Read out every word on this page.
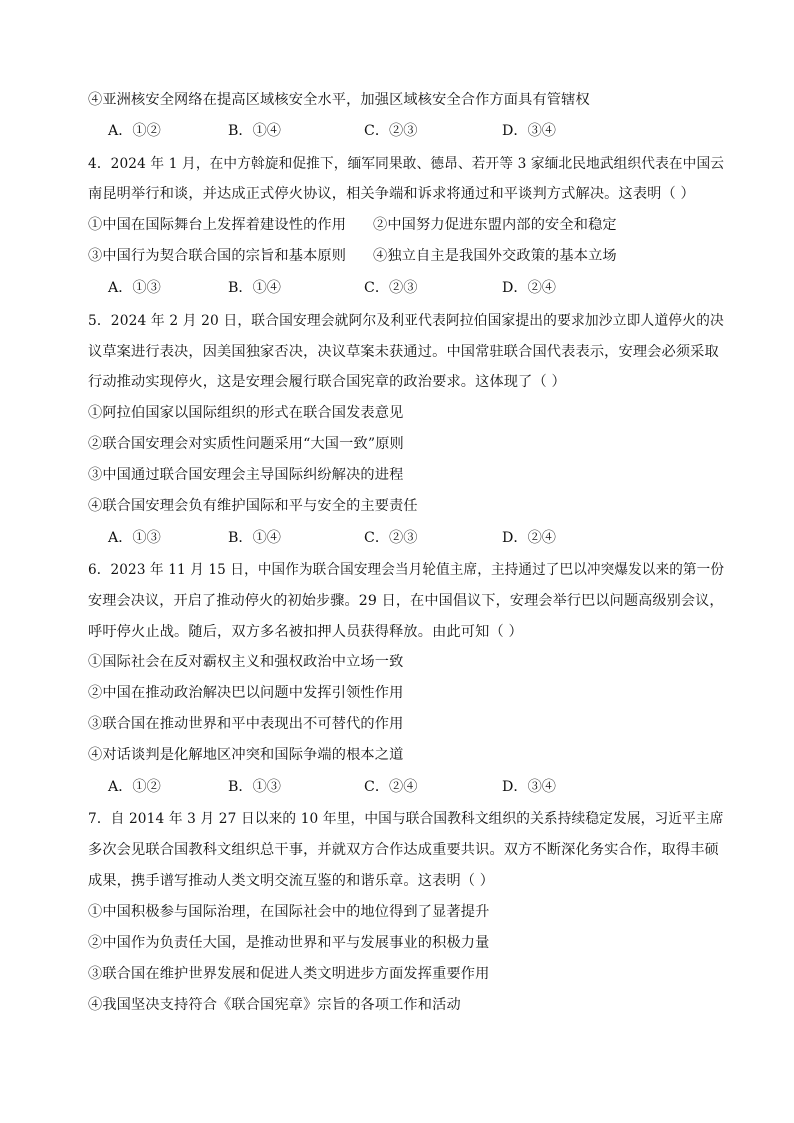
④亚洲核安全网络在提高区域核安全水平，加强区域核安全合作方面具有管辖权
A．①②	B．①④	C．②③	D．③④
4．2024 年 1 月，在中方斡旋和促推下，缅军同果敢、德昂、若开等 3 家缅北民地武组织代表在中国云
南昆明举行和谈，并达成正式停火协议，相关争端和诉求将通过和平谈判方式解决。这表明（ ）
①中国在国际舞台上发挥着建设性的作用 ②中国努力促进东盟内部的安全和稳定
③中国行为契合联合国的宗旨和基本原则 ④独立自主是我国外交政策的基本立场
A．①③	B．①④	C．②③	D．②④
5．2024 年 2 月 20 日，联合国安理会就阿尔及利亚代表阿拉伯国家提出的要求加沙立即人道停火的决
议草案进行表决，因美国独家否决，决议草案未获通过。中国常驻联合国代表表示，安理会必须采取
行动推动实现停火，这是安理会履行联合国宪章的政治要求。这体现了（ ）
①阿拉伯国家以国际组织的形式在联合国发表意见
②联合国安理会对实质性问题采用“大国一致”原则
③中国通过联合国安理会主导国际纠纷解决的进程
④联合国安理会负有维护国际和平与安全的主要责任
A．①③	B．①④	C．②③	D．②④
6．2023 年 11 月 15 日，中国作为联合国安理会当月轮值主席，主持通过了巴以冲突爆发以来的第一份
安理会决议，开启了推动停火的初始步骤。29 日，在中国倡议下，安理会举行巴以问题高级别会议，
呼吁停火止战。随后，双方多名被扣押人员获得释放。由此可知（ ）
①国际社会在反对霸权主义和强权政治中立场一致
②中国在推动政治解决巴以问题中发挥引领性作用
③联合国在推动世界和平中表现出不可替代的作用
④对话谈判是化解地区冲突和国际争端的根本之道
A．①②	B．①③	C．②④	D．③④
7．自 2014 年 3 月 27 日以来的 10 年里，中国与联合国教科文组织的关系持续稳定发展，习近平主席
多次会见联合国教科文组织总干事，并就双方合作达成重要共识。双方不断深化务实合作，取得丰硕
成果，携手谱写推动人类文明交流互鉴的和谐乐章。这表明（ ）
①中国积极参与国际治理，在国际社会中的地位得到了显著提升
②中国作为负责任大国，是推动世界和平与发展事业的积极力量
③联合国在维护世界发展和促进人类文明进步方面发挥重要作用
④我国坚决支持符合《联合国宪章》宗旨的各项工作和活动
